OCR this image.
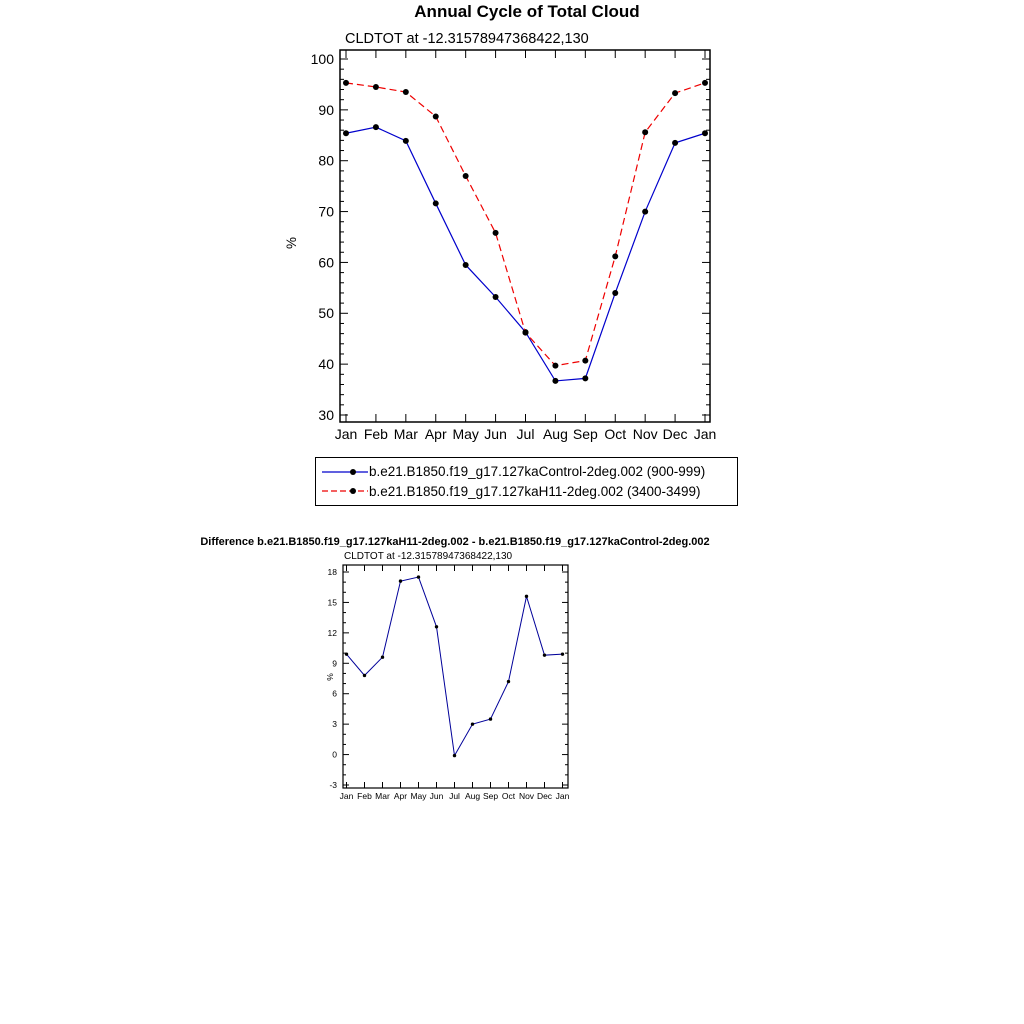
30
40
50
60
70
80
90
100
Jan Feb Mar Apr May Jun Jul Aug Sep Oct Nov Dec Jan
-3
0
3
6
9
12
15
18
Jan Feb Mar Apr May Jun Jul Aug Sep Oct Nov Dec Jan
%
%
Annual Cycle of Total Cloud
CLDTOT at -12.31578947368422,130
b.e21.B1850.f19_g17.127kaControl-2deg.002 (900-999)
b.e21.B1850.f19_g17.127kaH11-2deg.002 (3400-3499)
Difference b.e21.B1850.f19_g17.127kaH11-2deg.002 - b.e21.B1850.f19_g17.127kaControl-2deg.002
CLDTOT at -12.31578947368422,130
